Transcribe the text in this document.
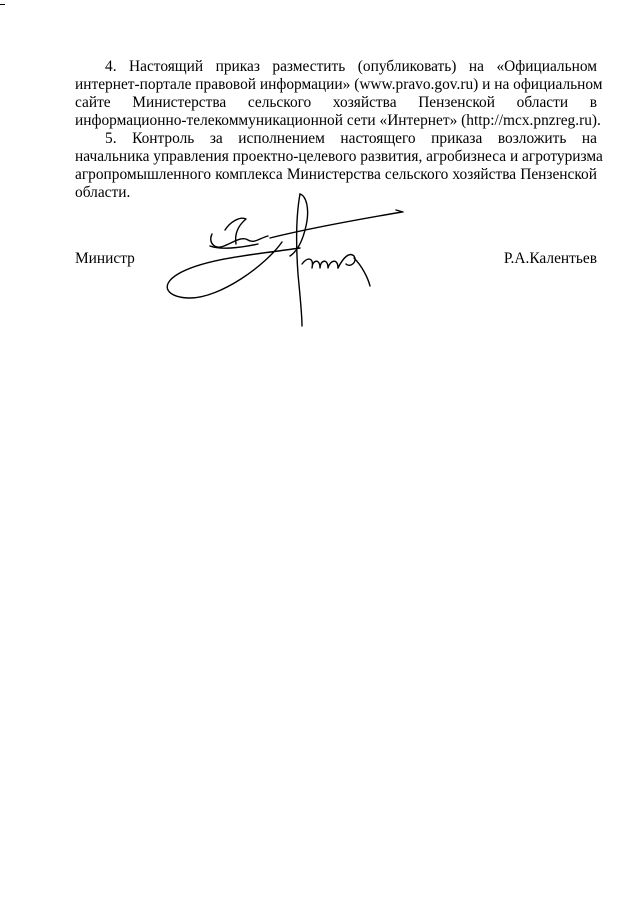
4. Настоящий приказ разместить (опубликовать) на «Официальном
интернет-портале правовой информации» (www.pravo.gov.ru) и на официальном
сайте Министерства сельского хозяйства Пензенской области в
информационно-телекоммуникационной сети «Интернет» (http://mcx.pnzreg.ru).

5. Контроль за исполнением настоящего приказа возложить на
начальника управления проектно-целевого развития, агробизнеса и агротуризма
агропромышленного комплекса Министерства сельского хозяйства Пензенской
области.

Министр	Р.А.Калентьев
